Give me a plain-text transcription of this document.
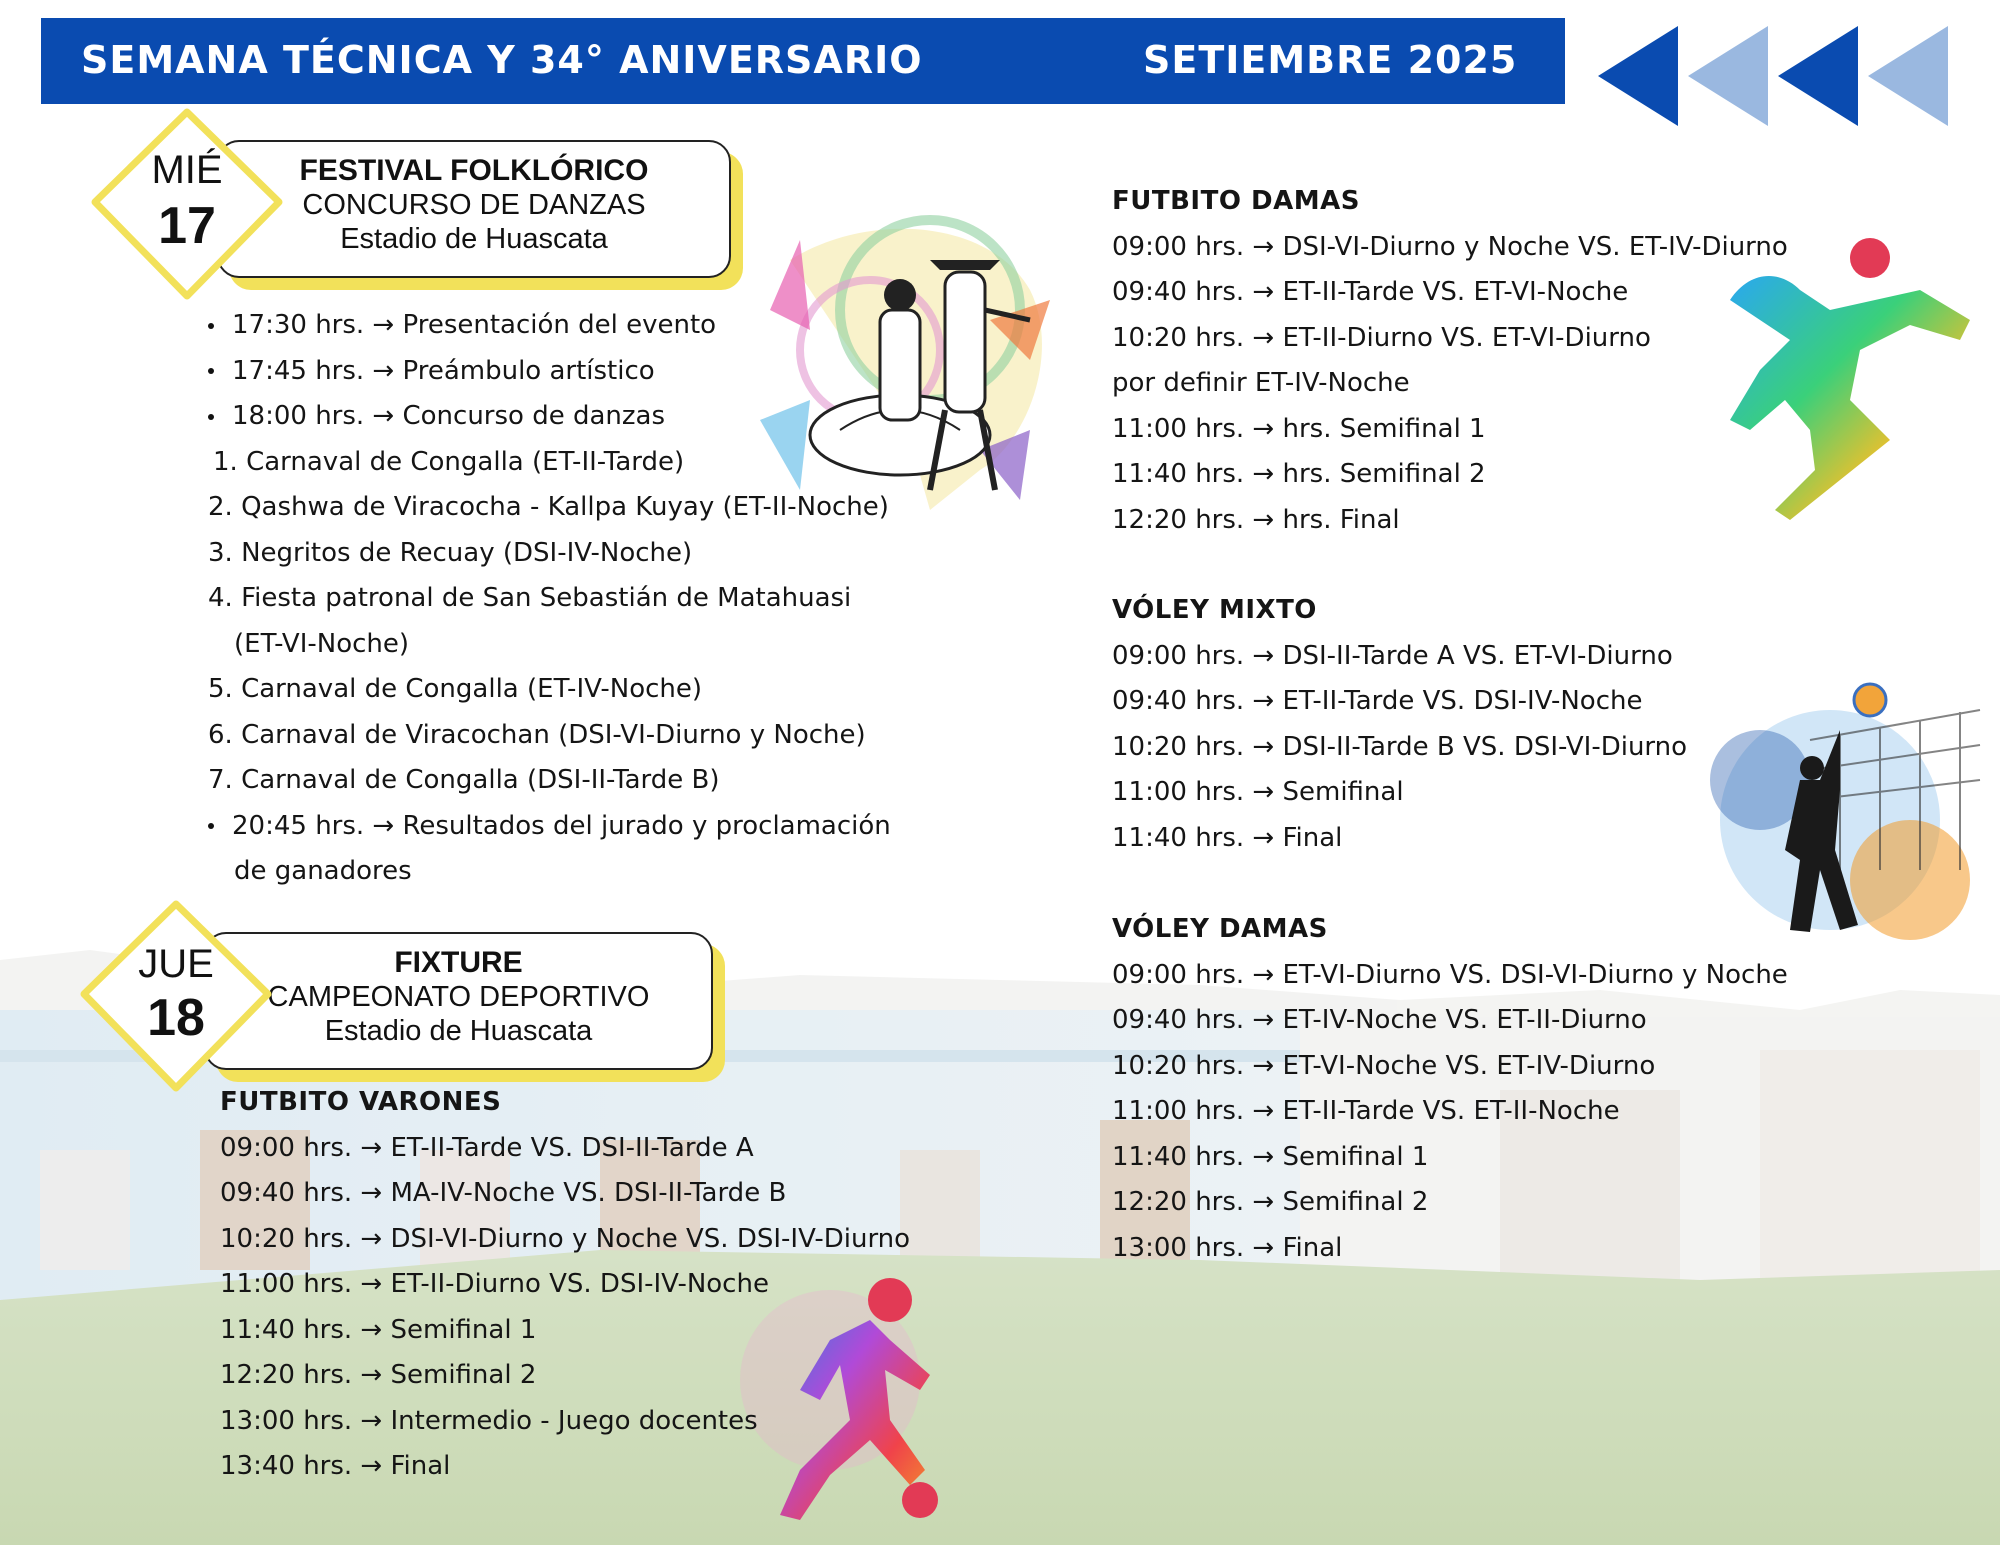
SEMANA TÉCNICA Y 34° ANIVERSARIO	SETIEMBRE 2025
FESTIVAL FOLKLÓRICO
CONCURSO DE DANZAS
Estadio de Huascata
MIÉ
17
17:30 hrs. → Presentación del evento
17:45 hrs. → Preámbulo artístico
18:00 hrs. → Concurso de danzas
1. Carnaval de Congalla (ET-II-Tarde)
2. Qashwa de Viracocha - Kallpa Kuyay (ET-II-Noche)
3. Negritos de Recuay (DSI-IV-Noche)
4. Fiesta patronal de San Sebastián de Matahuasi
(ET-VI-Noche)
5. Carnaval de Congalla (ET-IV-Noche)
6. Carnaval de Viracochan (DSI-VI-Diurno y Noche)
7. Carnaval de Congalla (DSI-II-Tarde B)
20:45 hrs. → Resultados del jurado y proclamación
de ganadores
FIXTURE
CAMPEONATO DEPORTIVO
Estadio de Huascata
JUE
18
FUTBITO VARONES
09:00 hrs. → ET-II-Tarde VS. DSI-II-Tarde A
09:40 hrs. → MA-IV-Noche VS. DSI-II-Tarde B
10:20 hrs. → DSI-VI-Diurno y Noche VS. DSI-IV-Diurno
11:00 hrs. → ET-II-Diurno VS. DSI-IV-Noche
11:40 hrs. → Semifinal 1
12:20 hrs. → Semifinal 2
13:00 hrs. → Intermedio - Juego docentes
13:40 hrs. → Final
FUTBITO DAMAS
09:00 hrs. → DSI-VI-Diurno y Noche VS. ET-IV-Diurno
09:40 hrs. → ET-II-Tarde VS. ET-VI-Noche
10:20 hrs. → ET-II-Diurno VS. ET-VI-Diurno
por definir ET-IV-Noche
11:00 hrs. → hrs. Semifinal 1
11:40 hrs. → hrs. Semifinal 2
12:20 hrs. → hrs. Final
VÓLEY MIXTO
09:00 hrs. → DSI-II-Tarde A VS. ET-VI-Diurno
09:40 hrs. → ET-II-Tarde VS. DSI-IV-Noche
10:20 hrs. → DSI-II-Tarde B VS. DSI-VI-Diurno
11:00 hrs. → Semifinal
11:40 hrs. → Final
VÓLEY DAMAS
09:00 hrs. → ET-VI-Diurno VS. DSI-VI-Diurno y Noche
09:40 hrs. → ET-IV-Noche VS. ET-II-Diurno
10:20 hrs. → ET-VI-Noche VS. ET-IV-Diurno
11:00 hrs. → ET-II-Tarde VS. ET-II-Noche
11:40 hrs. → Semifinal 1
12:20 hrs. → Semifinal 2
13:00 hrs. → Final
